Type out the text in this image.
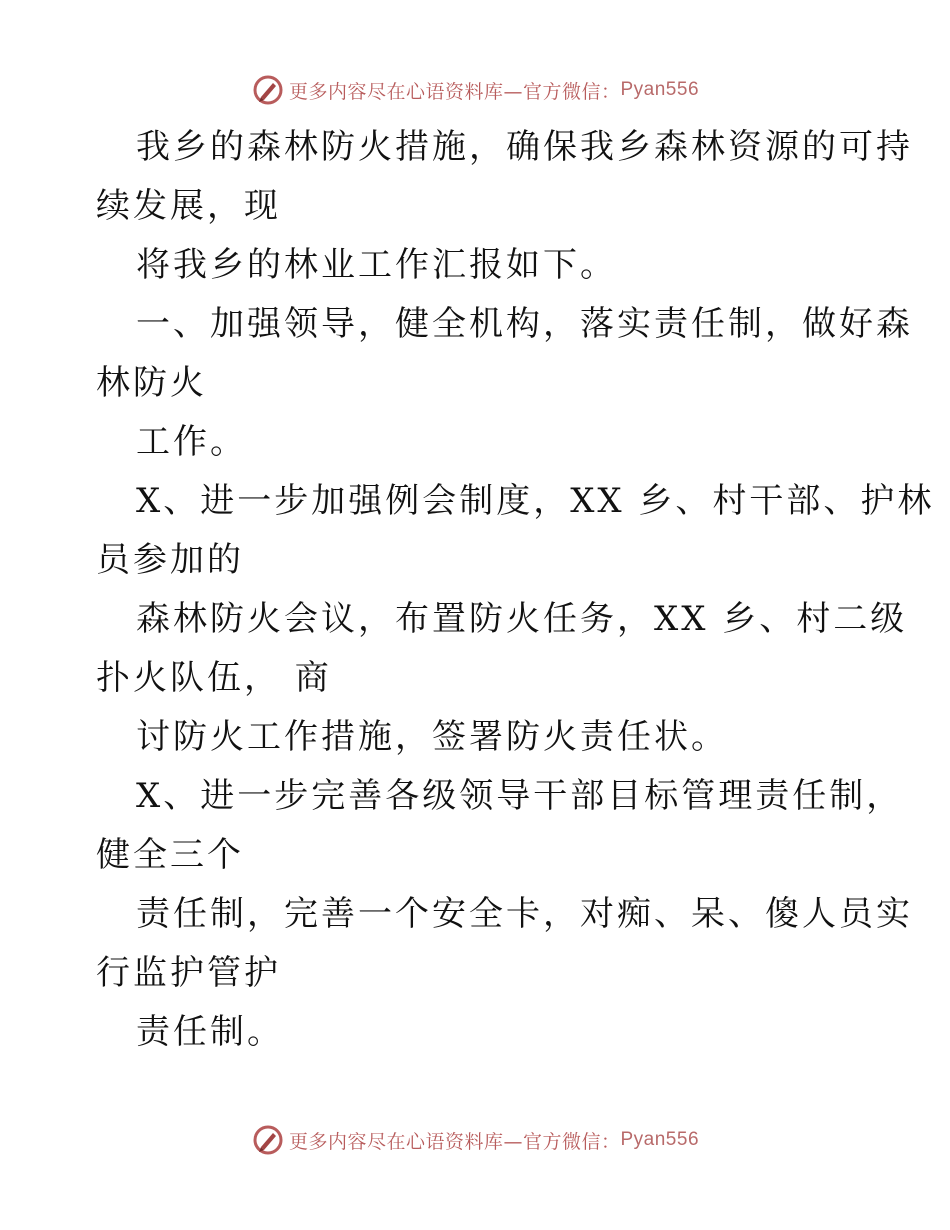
更多内容尽在心语资料库—官方微信： Pyan556
我乡的森林防火措施，确保我乡森林资源的可持
续发展，现
将我乡的林业工作汇报如下。
一、加强领导，健全机构，落实责任制，做好森
林防火
工作。
X、进一步加强例会制度，XX 乡、村干部、护林
员参加的
森林防火会议，布置防火任务，XX 乡、村二级
扑火队伍， 商
讨防火工作措施，签署防火责任状。
X、进一步完善各级领导干部目标管理责任制，
健全三个
责任制，完善一个安全卡，对痴、呆、傻人员实
行监护管护
责任制。
更多内容尽在心语资料库—官方微信： Pyan556
